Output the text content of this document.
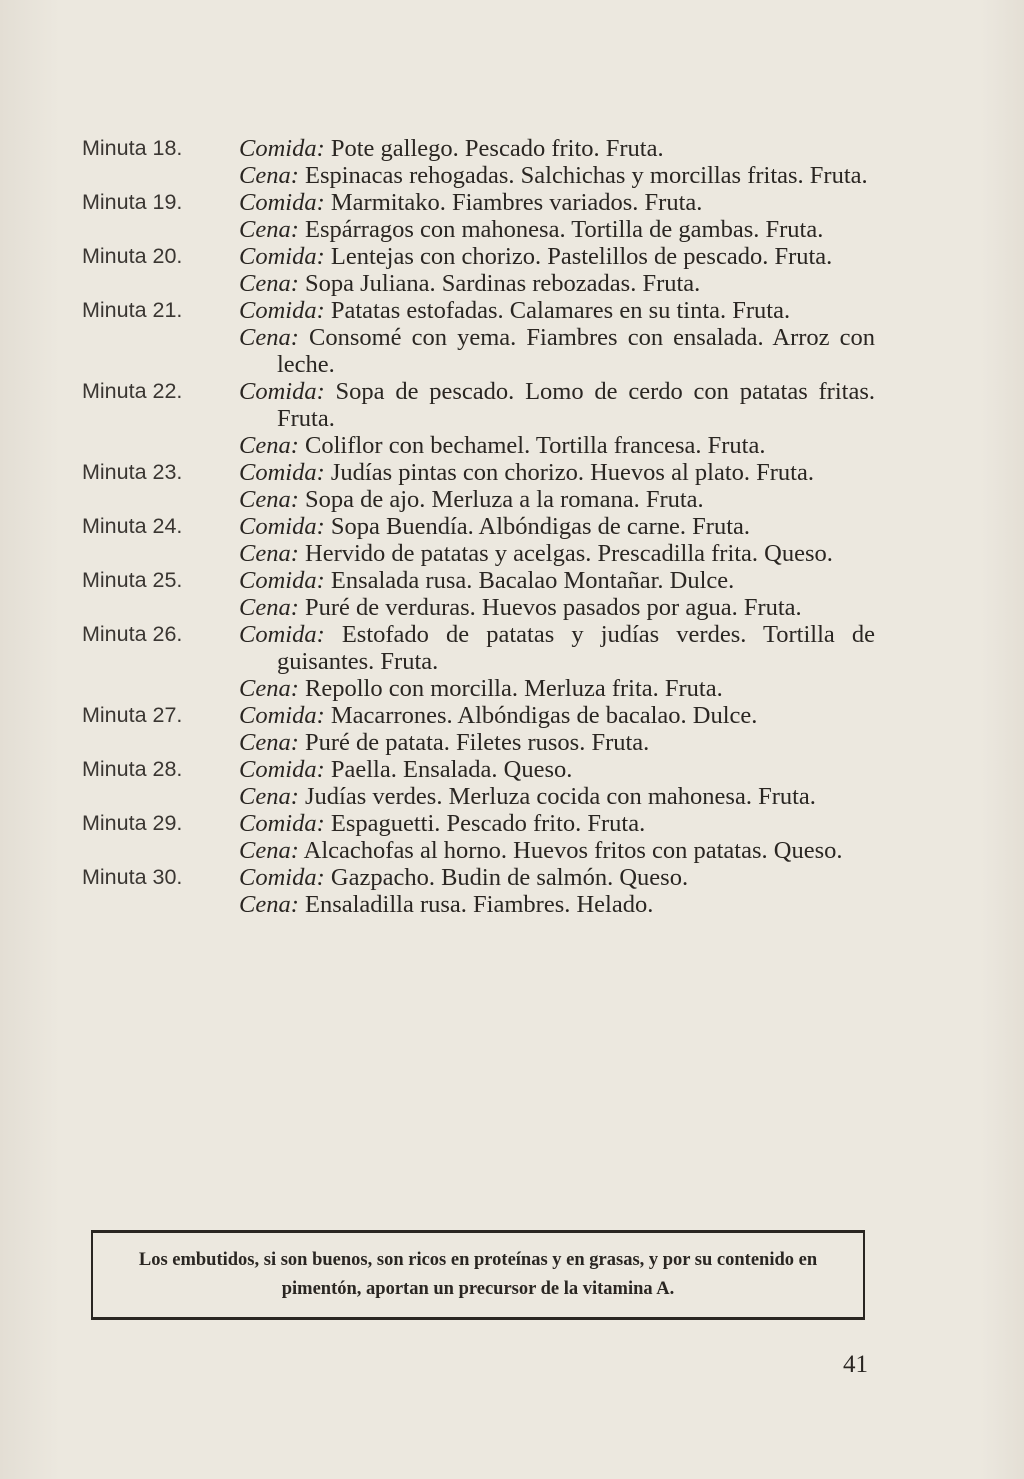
Minuta 18.	Comida: Pote gallego. Pescado frito. Fruta.
Cena: Espinacas rehogadas. Salchichas y morcillas fritas. Fruta.
Minuta 19.	Comida: Marmitako. Fiambres variados. Fruta.
Cena: Espárragos con mahonesa. Tortilla de gambas. Fruta.
Minuta 20.	Comida: Lentejas con chorizo. Pastelillos de pescado. Fruta.
Cena: Sopa Juliana. Sardinas rebozadas. Fruta.
Minuta 21.	Comida: Patatas estofadas. Calamares en su tinta. Fruta.
Cena: Consomé con yema. Fiambres con ensalada. Arroz con leche.
Minuta 22.	Comida: Sopa de pescado. Lomo de cerdo con patatas fritas. Fruta.
Cena: Coliflor con bechamel. Tortilla francesa. Fruta.
Minuta 23.	Comida: Judías pintas con chorizo. Huevos al plato. Fruta.
Cena: Sopa de ajo. Merluza a la romana. Fruta.
Minuta 24.	Comida: Sopa Buendía. Albóndigas de carne. Fruta.
Cena: Hervido de patatas y acelgas. Prescadilla frita. Queso.
Minuta 25.	Comida: Ensalada rusa. Bacalao Montañar. Dulce.
Cena: Puré de verduras. Huevos pasados por agua. Fruta.
Minuta 26.	Comida: Estofado de patatas y judías verdes. Tortilla de guisantes. Fruta.
Cena: Repollo con morcilla. Merluza frita. Fruta.
Minuta 27.	Comida: Macarrones. Albóndigas de bacalao. Dulce.
Cena: Puré de patata. Filetes rusos. Fruta.
Minuta 28.	Comida: Paella. Ensalada. Queso.
Cena: Judías verdes. Merluza cocida con mahonesa. Fruta.
Minuta 29.	Comida: Espaguetti. Pescado frito. Fruta.
Cena: Alcachofas al horno. Huevos fritos con patatas. Queso.
Minuta 30.	Comida: Gazpacho. Budin de salmón. Queso.
Cena: Ensaladilla rusa. Fiambres. Helado.
Los embutidos, si son buenos, son ricos en proteínas y en grasas, y por su contenido en pimentón, aportan un precursor de la vitamina A.
41
